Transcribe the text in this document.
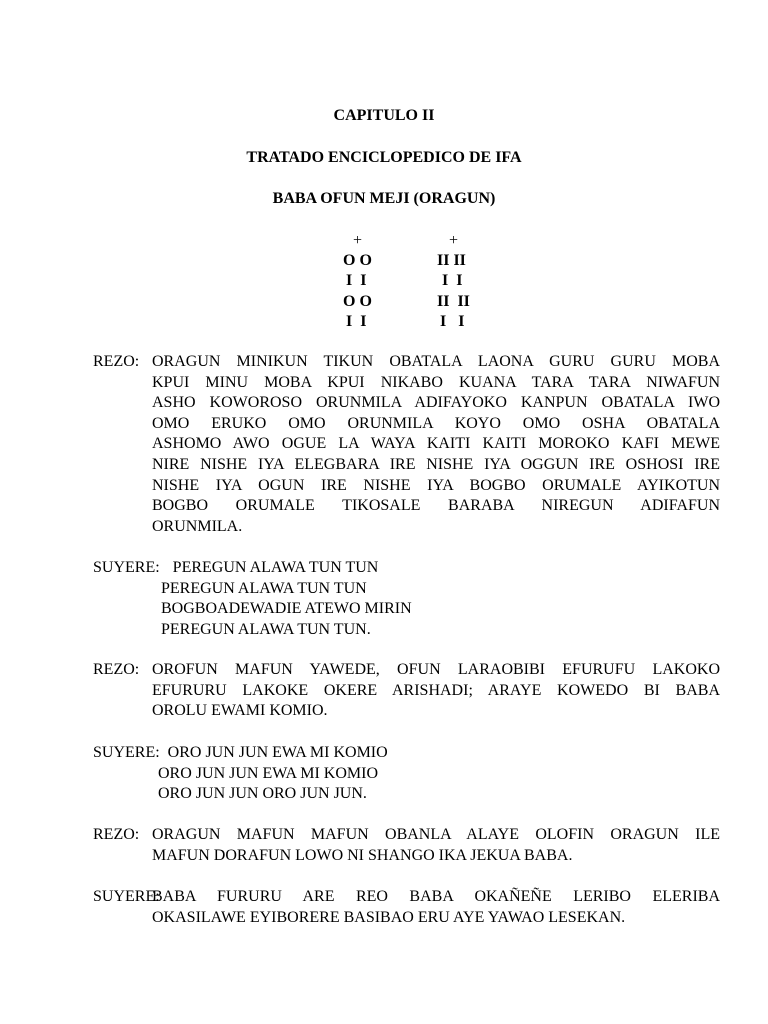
CAPITULO II
TRATADO ENCICLOPEDICO DE IFA
BABA OFUN MEJI (ORAGUN)
+
O O
I  I
O O
I  I
+
II II
I  I
II  II
I   I
REZO: ORAGUN MINIKUN TIKUN OBATALA LAONA GURU GURU MOBA
KPUI MINU MOBA KPUI NIKABO KUANA TARA TARA NIWAFUN
ASHO KOWOROSO ORUNMILA ADIFAYOKO KANPUN OBATALA IWO
OMO ERUKO OMO ORUNMILA KOYO OMO OSHA OBATALA
ASHOMO AWO OGUE LA WAYA KAITI KAITI MOROKO KAFI MEWE
NIRE NISHE IYA ELEGBARA IRE NISHE IYA OGGUN IRE OSHOSI IRE
NISHE IYA OGUN IRE NISHE IYA BOGBO ORUMALE AYIKOTUN
BOGBO ORUMALE TIKOSALE BARABA NIREGUN ADIFAFUN
ORUNMILA.
SUYERE: PEREGUN ALAWA TUN TUN
PEREGUN ALAWA TUN TUN
BOGBOADEWADIE ATEWO MIRIN
PEREGUN ALAWA TUN TUN.
REZO: OROFUN MAFUN YAWEDE, OFUN LARAOBIBI EFURUFU LAKOKO
EFURURU LAKOKE OKERE ARISHADI; ARAYE KOWEDO BI BABA
OROLU EWAMI KOMIO.
SUYERE: ORO JUN JUN EWA MI KOMIO
ORO JUN JUN EWA MI KOMIO
ORO JUN JUN ORO JUN JUN.
REZO: ORAGUN MAFUN MAFUN OBANLA ALAYE OLOFIN ORAGUN ILE
MAFUN DORAFUN LOWO NI SHANGO IKA JEKUA BABA.
SUYERE:
BABA FURURU ARE REO BABA OKAÑEÑE LERIBO ELERIBA
OKASILAWE EYIBORERE BASIBAO ERU AYE YAWAO LESEKAN.
